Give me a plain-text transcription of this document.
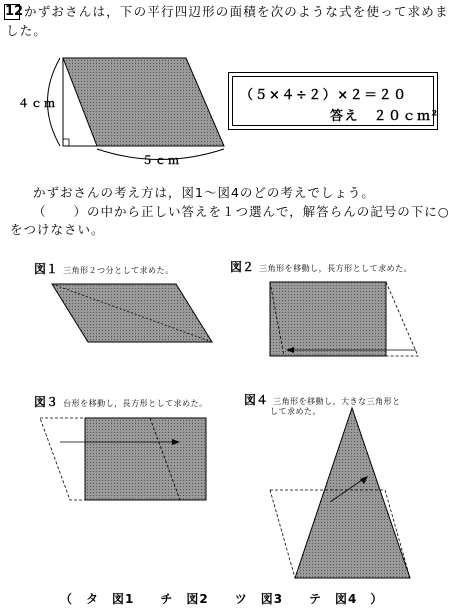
12 かずおさんは，下の平行四辺形の面積を次のような式を使って求めま
した。
４ｃｍ
５ｃｍ
（５×４÷２）×２＝２０
答え　２０ｃｍ²
かずおさんの考え方は，図1～図4のどの考えでしょう。
（　　）の中から正しい答えを１つ選んで，解答らんの記号の下に○
をつけなさい。
図１ 三角形２つ分として求めた。	図２ 三角形を移動し，長方形として求めた。
図３ 台形を移動し，長方形として求めた。	図４ 三角形を移動し，大きな三角形と
して求めた。
（　タ　図1　　チ　図2　　ツ　図3　　テ　図4　）
